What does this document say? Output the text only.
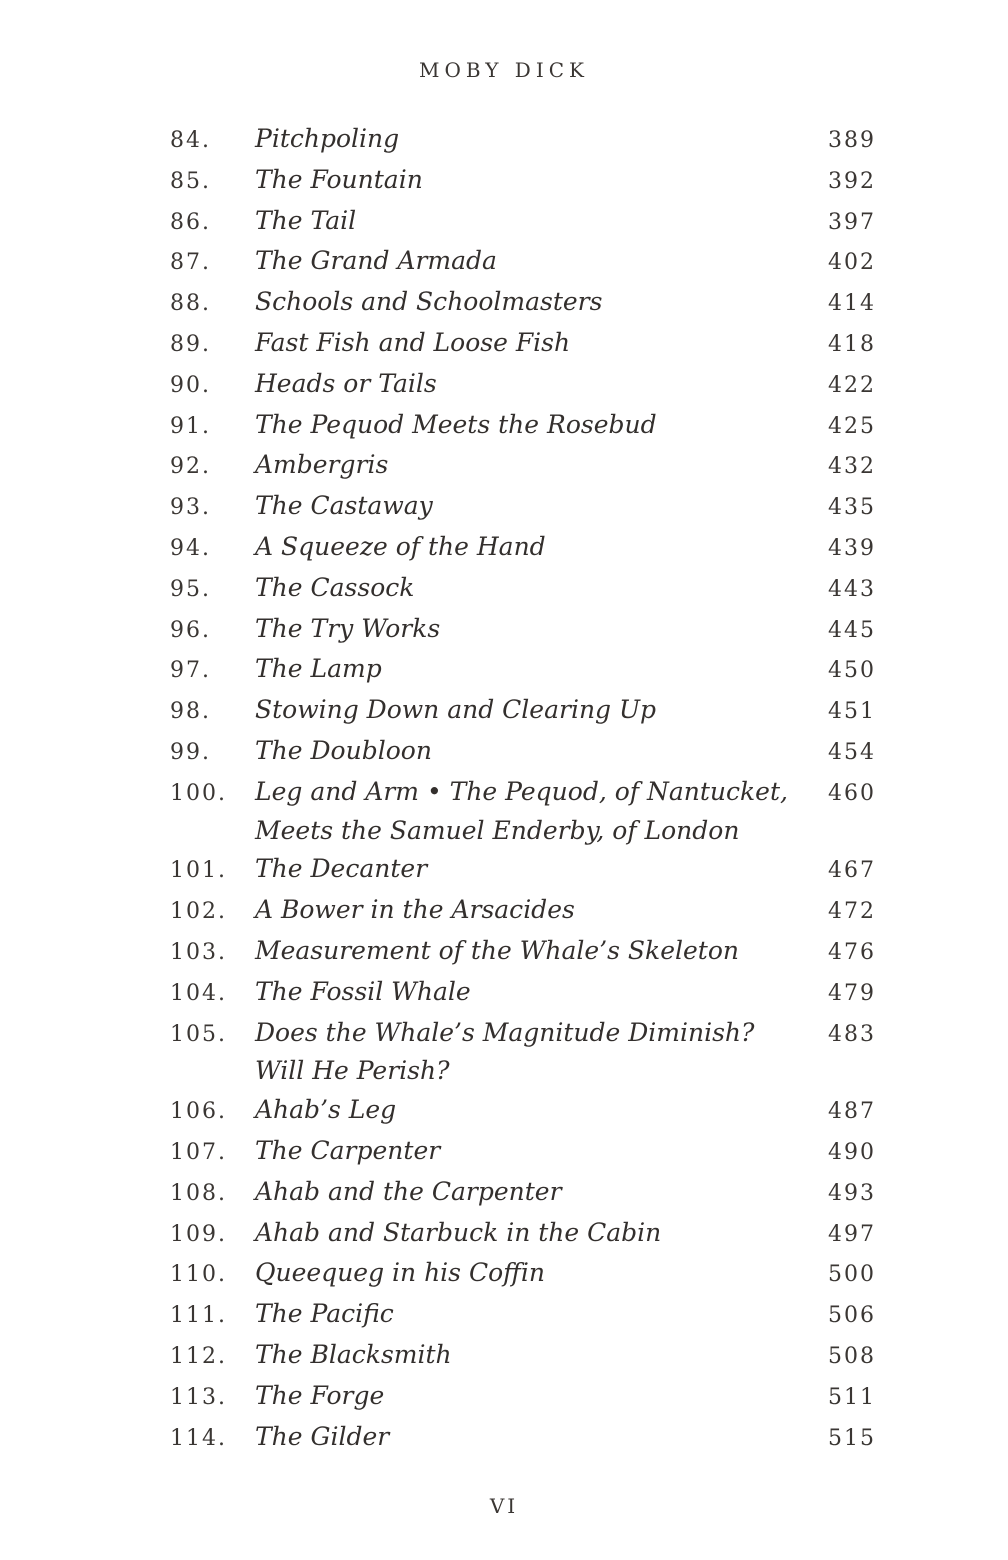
MOBY DICK
84.	Pitchpoling	389
85.	The Fountain	392
86.	The Tail	397
87.	The Grand Armada	402
88.	Schools and Schoolmasters	414
89.	Fast Fish and Loose Fish	418
90.	Heads or Tails	422
91.	The Pequod Meets the Rosebud	425
92.	Ambergris	432
93.	The Castaway	435
94.	A Squeeze of the Hand	439
95.	The Cassock	443
96.	The Try Works	445
97.	The Lamp	450
98.	Stowing Down and Clearing Up	451
99.	The Doubloon	454
100.	Leg and Arm • The Pequod, of Nantucket,
Meets the Samuel Enderby, of London
460
101.	The Decanter	467
102.	A Bower in the Arsacides	472
103.	Measurement of the Whale’s Skeleton	476
104.	The Fossil Whale	479
105.	Does the Whale’s Magnitude Diminish?
Will He Perish?
483
106.	Ahab’s Leg	487
107.	The Carpenter	490
108.	Ahab and the Carpenter	493
109.	Ahab and Starbuck in the Cabin	497
110.	Queequeg in his Coffin	500
111.	The Pacific	506
112.	The Blacksmith	508
113.	The Forge	511
114.	The Gilder	515
VI
